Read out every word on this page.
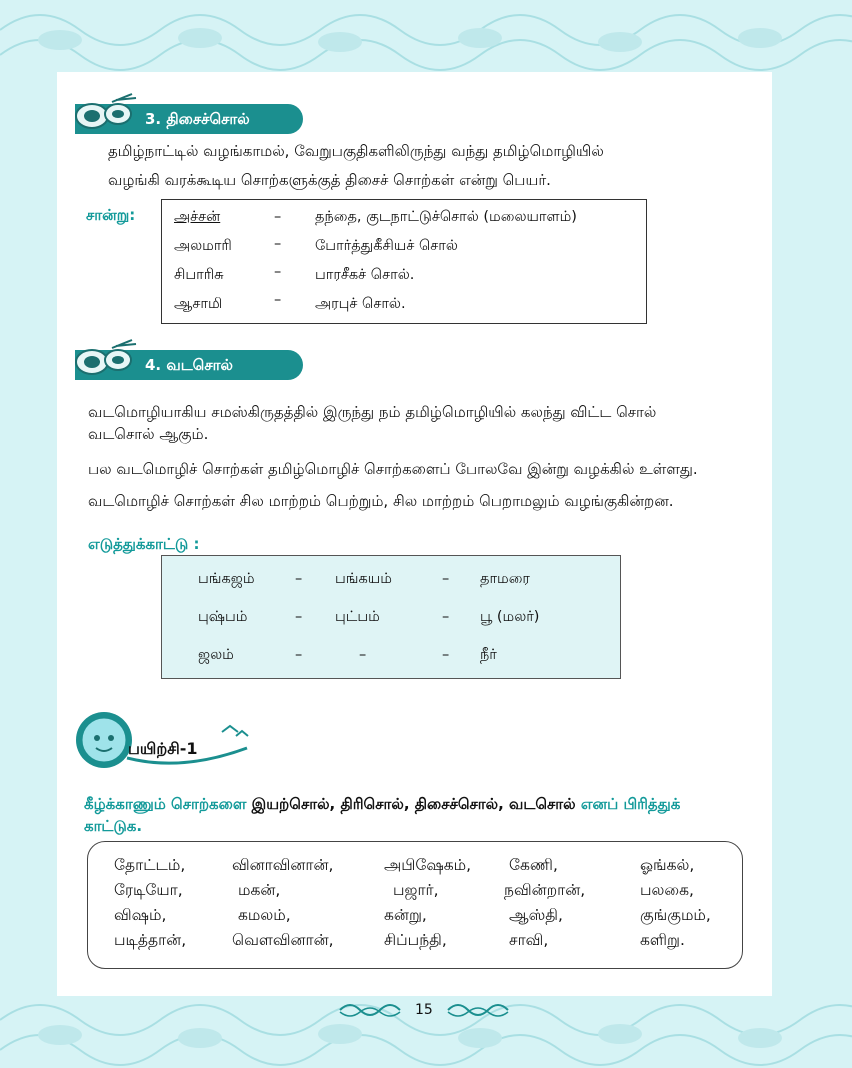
3. திசைச்சொல்
தமிழ்நாட்டில் வழங்காமல், வேறுபகுதிகளிலிருந்து வந்து தமிழ்மொழியில்
வழங்கி வரக்கூடிய சொற்களுக்குத் திசைச் சொற்கள் என்று பெயர்.
சான்று:	அச்சன்	– தந்தை, குடநாட்டுச்சொல் (மலையாளம்)
அலமாரி	– போர்த்துகீசியச் சொல்
சிபாரிசு	– பாரசீகச் சொல்.
ஆசாமி	– அரபுச் சொல்.
4. வடசொல்
வடமொழியாகிய சமஸ்கிருதத்தில் இருந்து நம் தமிழ்மொழியில் கலந்து விட்ட சொல்
வடசொல் ஆகும்.
பல வடமொழிச் சொற்கள் தமிழ்மொழிச் சொற்களைப் போலவே இன்று வழக்கில் உள்ளது.
வடமொழிச் சொற்கள் சில மாற்றம் பெற்றும், சில மாற்றம் பெறாமலும் வழங்குகின்றன.
எடுத்துக்காட்டு :
பங்கஜம்	– பங்கயம்	– தாமரை
புஷ்பம்	– புட்பம்	– பூ (மலர்)
ஜலம்	–	–	– நீர்
பயிற்சி-1
கீழ்க்காணும் சொற்களை இயற்சொல், திரிசொல், திசைச்சொல், வடசொல் எனப் பிரித்துக்
காட்டுக.
தோட்டம்,	வினாவினான்,	அபிஷேகம், கேணி,	ஓங்கல்,
ரேடியோ,	மகன்,	பஜார்,	நவின்றான்,	பலகை,
விஷம்,	கமலம்,	கன்று,	ஆஸ்தி,	குங்குமம்,
படித்தான்,	வெளவினான்,	சிப்பந்தி,	சாவி,	களிறு.
15
